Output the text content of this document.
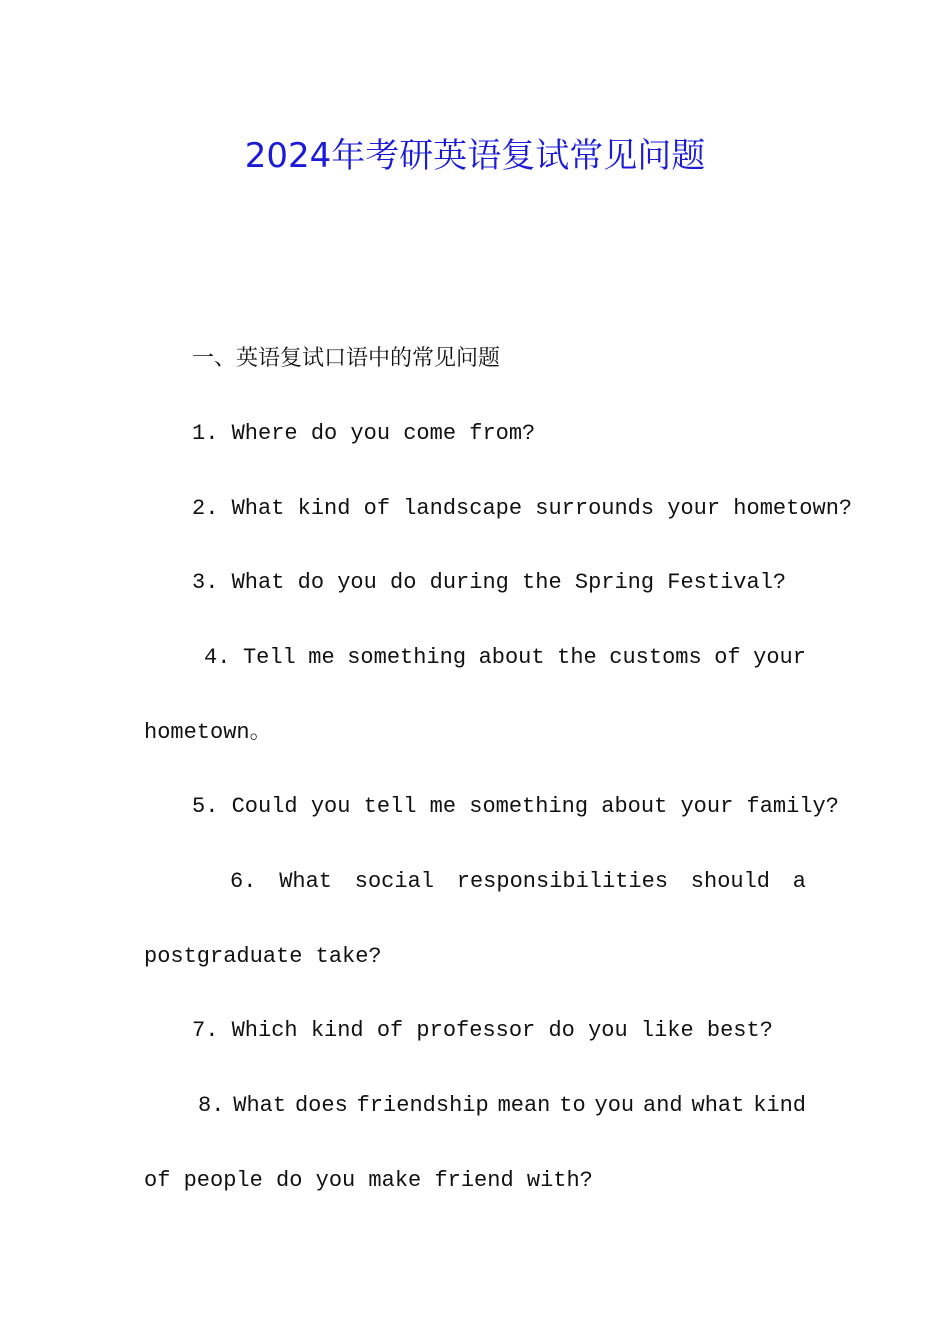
2024年考研英语复试常见问题
一、英语复试口语中的常见问题
1. Where do you come from?
2. What kind of landscape surrounds your hometown?
3. What do you do during the Spring Festival?
4. Tell me something about the customs of your
hometown。
5. Could you tell me something about your family?
6. What social responsibilities should a
postgraduate take?
7. Which kind of professor do you like best?
8. What does friendship mean to you and what kind
of people do you make friend with?
